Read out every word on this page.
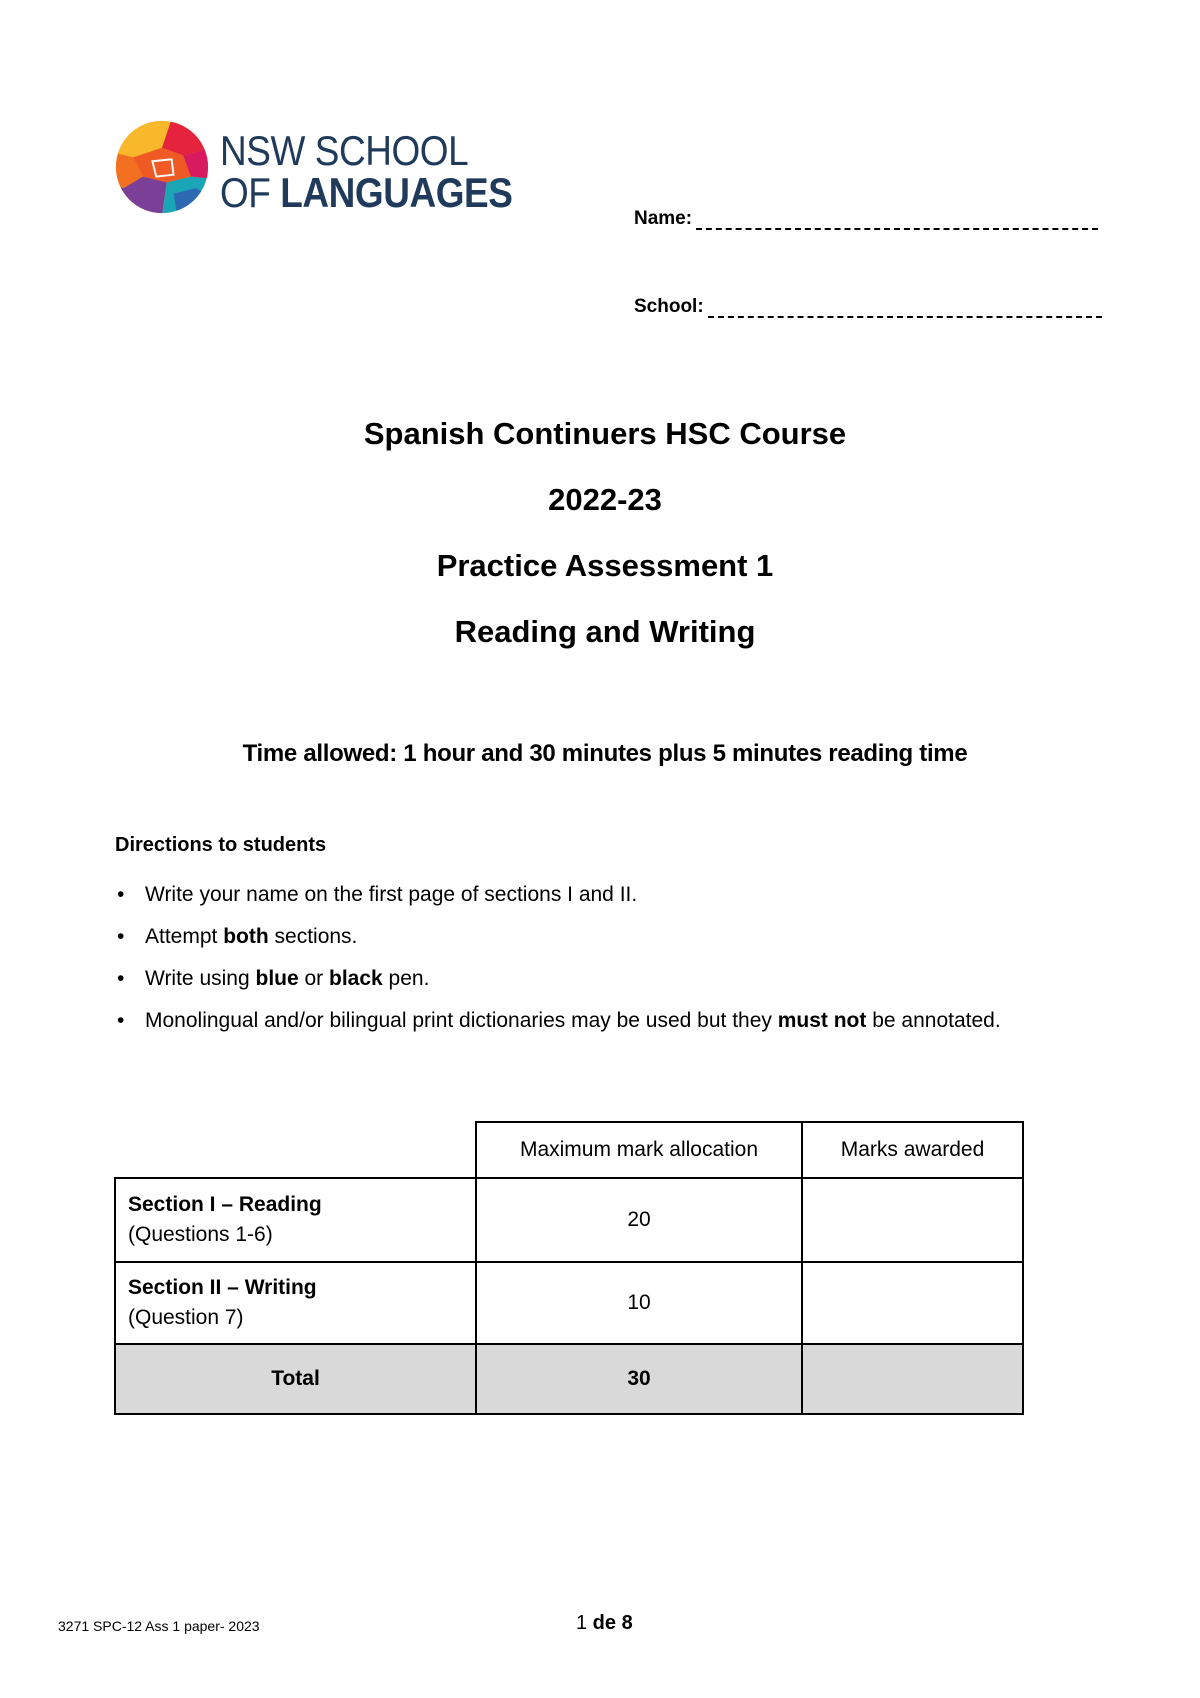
NSW SCHOOL
OF LANGUAGES
Name:
School:
Spanish Continuers HSC Course
2022-23
Practice Assessment 1
Reading and Writing
Time allowed: 1 hour and 30 minutes plus 5 minutes reading time
Directions to students
• Write your name on the first page of sections I and II.
• Attempt both sections.
• Write using blue or black pen.
• Monolingual and/or bilingual print dictionaries may be used but they must not be annotated.
	Maximum mark allocation	Marks awarded

Section I – Reading
(Questions 1-6)	20	

Section II – Writing
(Question 7)	10	
Total	30	
3271 SPC-12 Ass 1 paper- 2023	1 de 8
